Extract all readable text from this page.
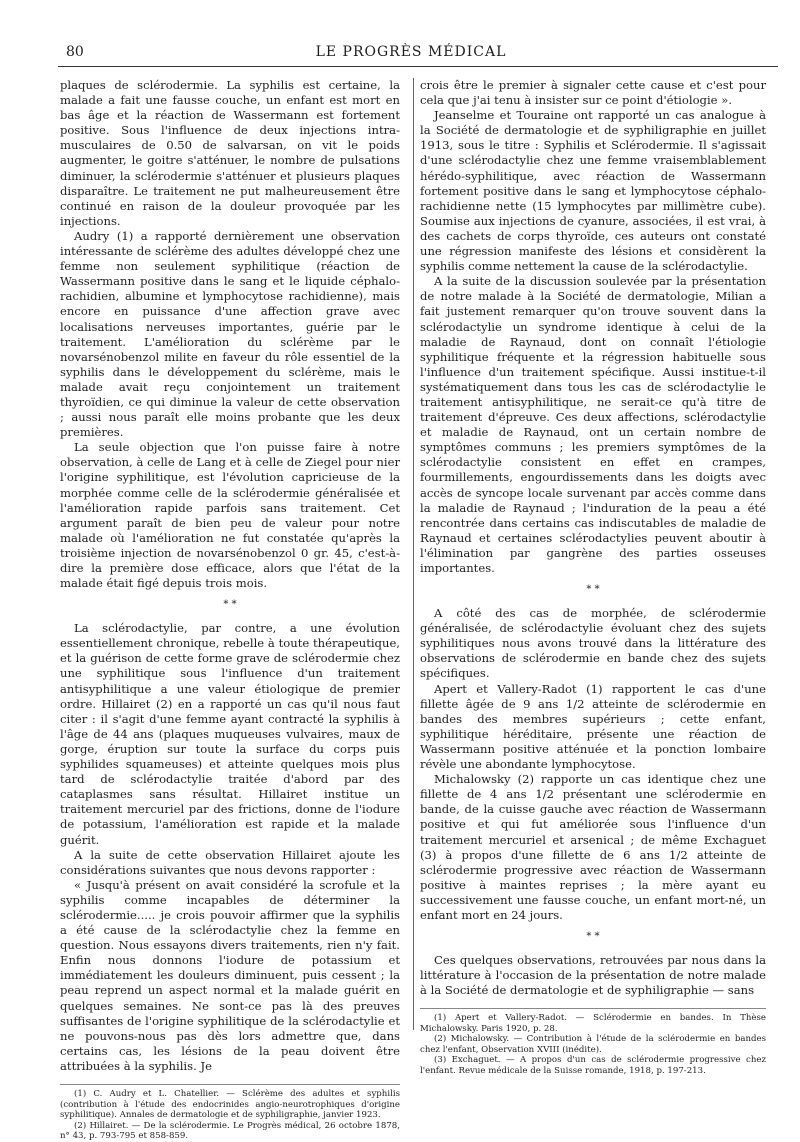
80	LE PROGRÈS MÉDICAL

plaques de sclérodermie. La syphilis est certaine, la malade a fait une fausse couche, un enfant est mort en bas âge et la réaction de Wassermann est fortement positive. Sous l'influence de deux injections intra-musculaires de 0.50 de salvarsan, on vit le poids augmenter, le goitre s'atténuer, le nombre de pulsations diminuer, la sclérodermie s'atténuer et plusieurs plaques disparaître. Le traitement ne put malheureusement être continué en raison de la douleur provoquée par les injections.

Audry (1) a rapporté dernièrement une observation intéressante de sclérème des adultes développé chez une femme non seulement syphilitique (réaction de Wassermann positive dans le sang et le liquide céphalo-rachidien, albumine et lymphocytose rachidienne), mais encore en puissance d'une affection grave avec localisations nerveuses importantes, guérie par le traitement. L'amélioration du sclérème par le novarsénobenzol milite en faveur du rôle essentiel de la syphilis dans le développement du sclérème, mais le malade avait reçu conjointement un traitement thyroïdien, ce qui diminue la valeur de cette observation ; aussi nous paraît elle moins probante que les deux premières.

La seule objection que l'on puisse faire à notre observation, à celle de Lang et à celle de Ziegel pour nier l'origine syphilitique, est l'évolution capricieuse de la morphée comme celle de la sclérodermie généralisée et l'amélioration rapide parfois sans traitement. Cet argument paraît de bien peu de valeur pour notre malade où l'amélioration ne fut constatée qu'après la troisième injection de novarsénobenzol 0 gr. 45, c'est-à-dire la première dose efficace, alors que l'état de la malade était figé depuis trois mois.

* *

La sclérodactylie, par contre, a une évolution essentiellement chronique, rebelle à toute thérapeutique, et la guérison de cette forme grave de sclérodermie chez une syphilitique sous l'influence d'un traitement antisyphilitique a une valeur étiologique de premier ordre. Hillairet (2) en a rapporté un cas qu'il nous faut citer : il s'agit d'une femme ayant contracté la syphilis à l'âge de 44 ans (plaques muqueuses vulvaires, maux de gorge, éruption sur toute la surface du corps puis syphilides squameuses) et atteinte quelques mois plus tard de sclérodactylie traitée d'abord par des cataplasmes sans résultat. Hillairet institue un traitement mercuriel par des frictions, donne de l'iodure de potassium, l'amélioration est rapide et la malade guérit.

A la suite de cette observation Hillairet ajoute les considérations suivantes que nous devons rapporter :

« Jusqu'à présent on avait considéré la scrofule et la syphilis comme incapables de déterminer la sclérodermie..... je crois pouvoir affirmer que la syphilis a été cause de la sclérodactylie chez la femme en question. Nous essayons divers traitements, rien n'y fait. Enfin nous donnons l'iodure de potassium et immédiatement les douleurs diminuent, puis cessent ; la peau reprend un aspect normal et la malade guérit en quelques semaines. Ne sont-ce pas là des preuves suffisantes de l'origine syphilitique de la sclérodactylie et ne pouvons-nous pas dès lors admettre que, dans certains cas, les lésions de la peau doivent être attribuées à la syphilis. Je

(1) C. Audry et L. Chatellier. — Sclérème des adultes et syphilis (contribution à l'étude des endocrinides angio-neurotrophiques d'origine syphilitique). Annales de dermatologie et de syphiligraphie, janvier 1923.

(2) Hillairet. — De la sclérodermie. Le Progrès médical, 26 octobre 1878, n° 43, p. 793-795 et 858-859.

crois être le premier à signaler cette cause et c'est pour cela que j'ai tenu à insister sur ce point d'étiologie ».

Jeanselme et Touraine ont rapporté un cas analogue à la Société de dermatologie et de syphiligraphie en juillet 1913, sous le titre : Syphilis et Sclérodermie. Il s'agissait d'une sclérodactylie chez une femme vraisemblablement hérédo-syphilitique, avec réaction de Wassermann fortement positive dans le sang et lymphocytose céphalo-rachidienne nette (15 lymphocytes par millimètre cube). Soumise aux injections de cyanure, associées, il est vrai, à des cachets de corps thyroïde, ces auteurs ont constaté une régression manifeste des lésions et considèrent la syphilis comme nettement la cause de la sclérodactylie.

A la suite de la discussion soulevée par la présentation de notre malade à la Société de dermatologie, Milian a fait justement remarquer qu'on trouve souvent dans la sclérodactylie un syndrome identique à celui de la maladie de Raynaud, dont on connaît l'étiologie syphilitique fréquente et la régression habituelle sous l'influence d'un traitement spécifique. Aussi institue-t-il systématiquement dans tous les cas de sclérodactylie le traitement antisyphilitique, ne serait-ce qu'à titre de traitement d'épreuve. Ces deux affections, sclérodactylie et maladie de Raynaud, ont un certain nombre de symptômes communs ; les premiers symptômes de la sclérodactylie consistent en effet en crampes, fourmillements, engourdissements dans les doigts avec accès de syncope locale survenant par accès comme dans la maladie de Raynaud ; l'induration de la peau a été rencontrée dans certains cas indiscutables de maladie de Raynaud et certaines sclérodactylies peuvent aboutir à l'élimination par gangrène des parties osseuses importantes.

* *

A côté des cas de morphée, de sclérodermie généralisée, de sclérodactylie évoluant chez des sujets syphilitiques nous avons trouvé dans la littérature des observations de sclérodermie en bande chez des sujets spécifiques.

Apert et Vallery-Radot (1) rapportent le cas d'une fillette âgée de 9 ans 1/2 atteinte de sclérodermie en bandes des membres supérieurs ; cette enfant, syphilitique héréditaire, présente une réaction de Wassermann positive atténuée et la ponction lombaire révèle une abondante lymphocytose.

Michalowsky (2) rapporte un cas identique chez une fillette de 4 ans 1/2 présentant une sclérodermie en bande, de la cuisse gauche avec réaction de Wassermann positive et qui fut améliorée sous l'influence d'un traitement mercuriel et arsenical ; de même Exchaguet (3) à propos d'une fillette de 6 ans 1/2 atteinte de sclérodermie progressive avec réaction de Wassermann positive à maintes reprises ; la mère ayant eu successivement une fausse couche, un enfant mort-né, un enfant mort en 24 jours.

* *

Ces quelques observations, retrouvées par nous dans la littérature à l'occasion de la présentation de notre malade à la Société de dermatologie et de syphiligraphie — sans

(1) Apert et Vallery-Radot. — Sclérodermie en bandes. In Thèse Michalowsky. Paris 1920, p. 28.

(2) Michalowsky. — Contribution à l'étude de la sclérodermie en bandes chez l'enfant, Observation XVIII (inédite).

(3) Exchaguet. — A propos d'un cas de sclérodermie progressive chez l'enfant. Revue médicale de la Suisse romande, 1918, p. 197-213.
